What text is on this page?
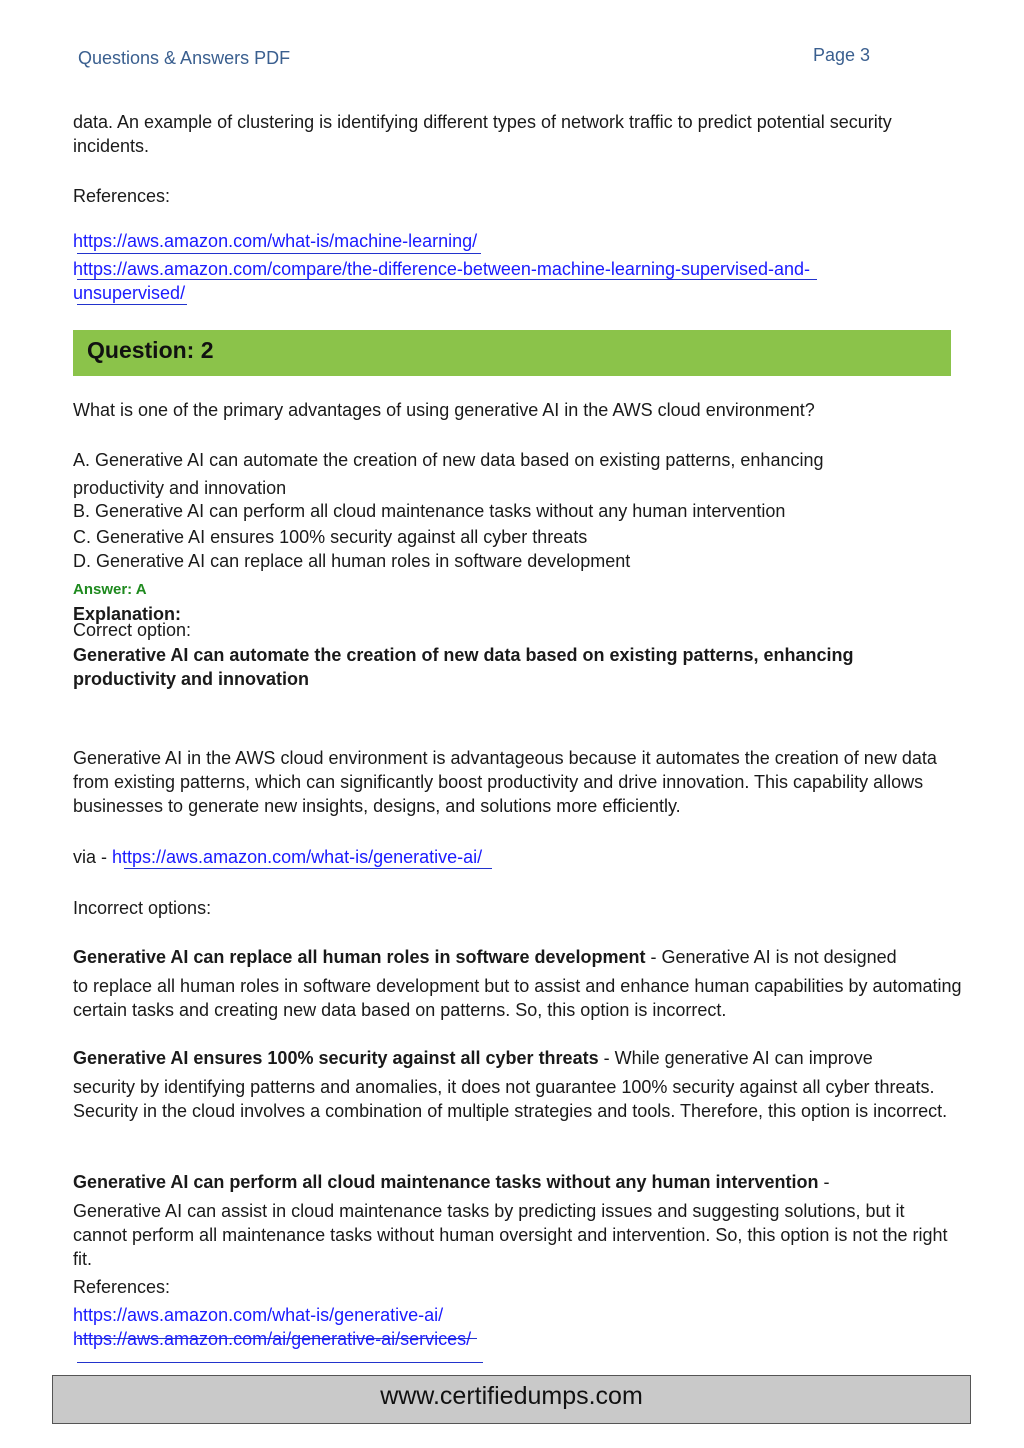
Questions & Answers PDF	Page 3

data. An example of clustering is identifying different types of network traffic to predict potential security incidents.

References:

https://aws.amazon.com/what-is/machine-learning/
https://aws.amazon.com/compare/the-difference-between-machine-learning-supervised-and-unsupervised/
Question: 2

What is one of the primary advantages of using generative AI in the AWS cloud environment?

A. Generative AI can automate the creation of new data based on existing patterns, enhancing

productivity and innovation

B. Generative AI can perform all cloud maintenance tasks without any human intervention

C. Generative AI ensures 100% security against all cyber threats

D. Generative AI can replace all human roles in software development

Answer: A
Explanation:
Correct option:

Generative AI can automate the creation of new data based on existing patterns, enhancing productivity and innovation

Generative AI in the AWS cloud environment is advantageous because it automates the creation of new data from existing patterns, which can significantly boost productivity and drive innovation. This capability allows businesses to generate new insights, designs, and solutions more efficiently.

via - https://aws.amazon.com/what-is/generative-ai/

Incorrect options:

Generative AI can replace all human roles in software development - Generative AI is not designed

to replace all human roles in software development but to assist and enhance human capabilities by automating certain tasks and creating new data based on patterns. So, this option is incorrect.

Generative AI ensures 100% security against all cyber threats - While generative AI can improve

security by identifying patterns and anomalies, it does not guarantee 100% security against all cyber threats. Security in the cloud involves a combination of multiple strategies and tools. Therefore, this option is incorrect.

Generative AI can perform all cloud maintenance tasks without any human intervention -

Generative AI can assist in cloud maintenance tasks by predicting issues and suggesting solutions, but it cannot perform all maintenance tasks without human oversight and intervention. So, this option is not the right fit.

References:

https://aws.amazon.com/what-is/generative-ai/
https://aws.amazon.com/ai/generative-ai/services/
www.certifiedumps.com
